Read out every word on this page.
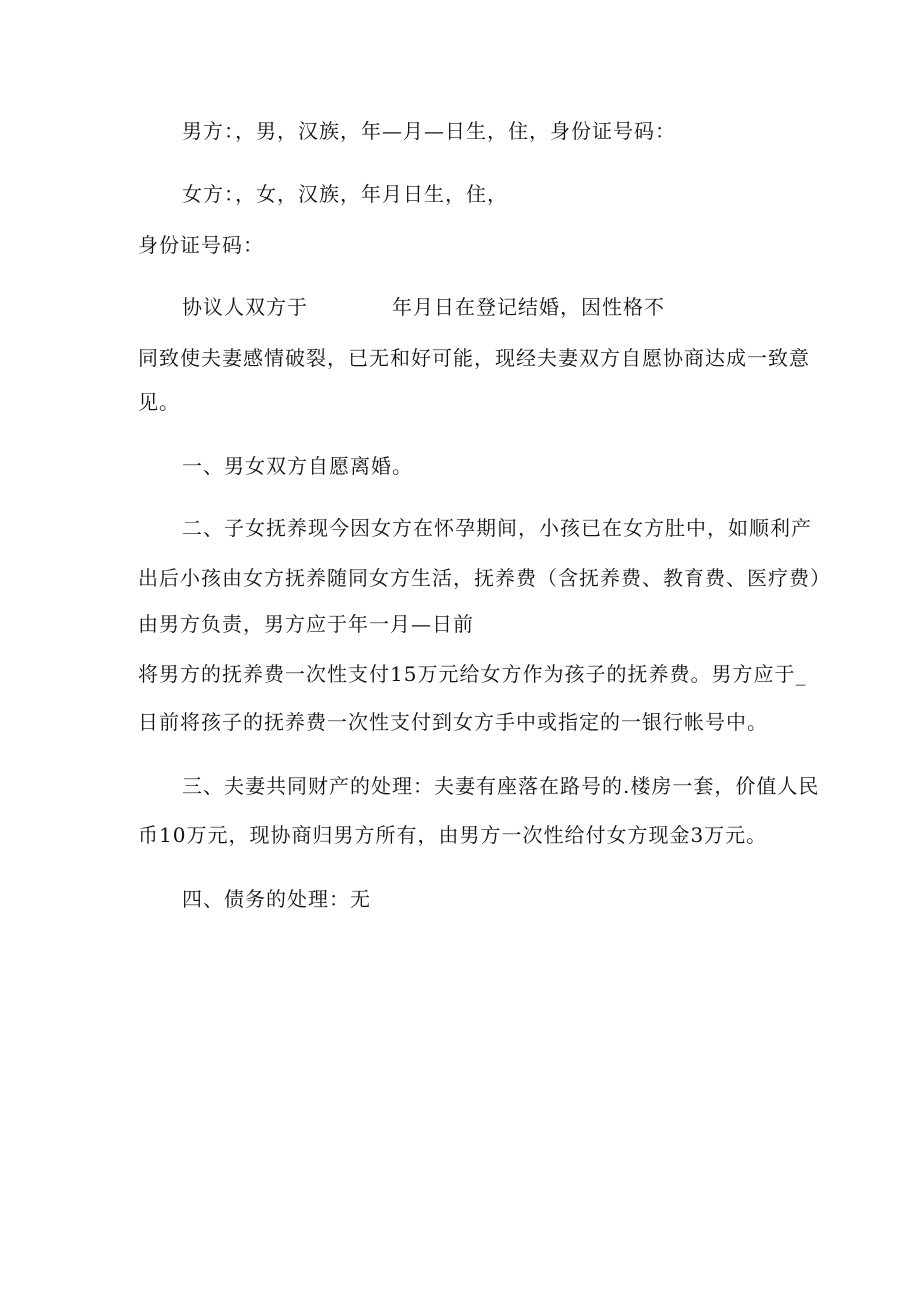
男方：，男，汉族，年—月—日生，住，身份证号码：
女方：，女，汉族，年月日生，住，
身份证号码：
协议人双方于	年月日在登记结婚，因性格不
同致使夫妻感情破裂，已无和好可能，现经夫妻双方自愿协商达成一致意
见。
一、男女双方自愿离婚。
二、子女抚养现今因女方在怀孕期间，小孩已在女方肚中，如顺利产
出后小孩由女方抚养随同女方生活，抚养费（含抚养费、教育费、医疗费）
由男方负责，男方应于年一月—日前
将男方的抚养费一次性支付15万元给女方作为孩子的抚养费。男方应于_
日前将孩子的抚养费一次性支付到女方手中或指定的一银行帐号中。
三、夫妻共同财产的处理：夫妻有座落在路号的.楼房一套，价值人民
币10万元，现协商归男方所有，由男方一次性给付女方现金3万元。
四、债务的处理：无
